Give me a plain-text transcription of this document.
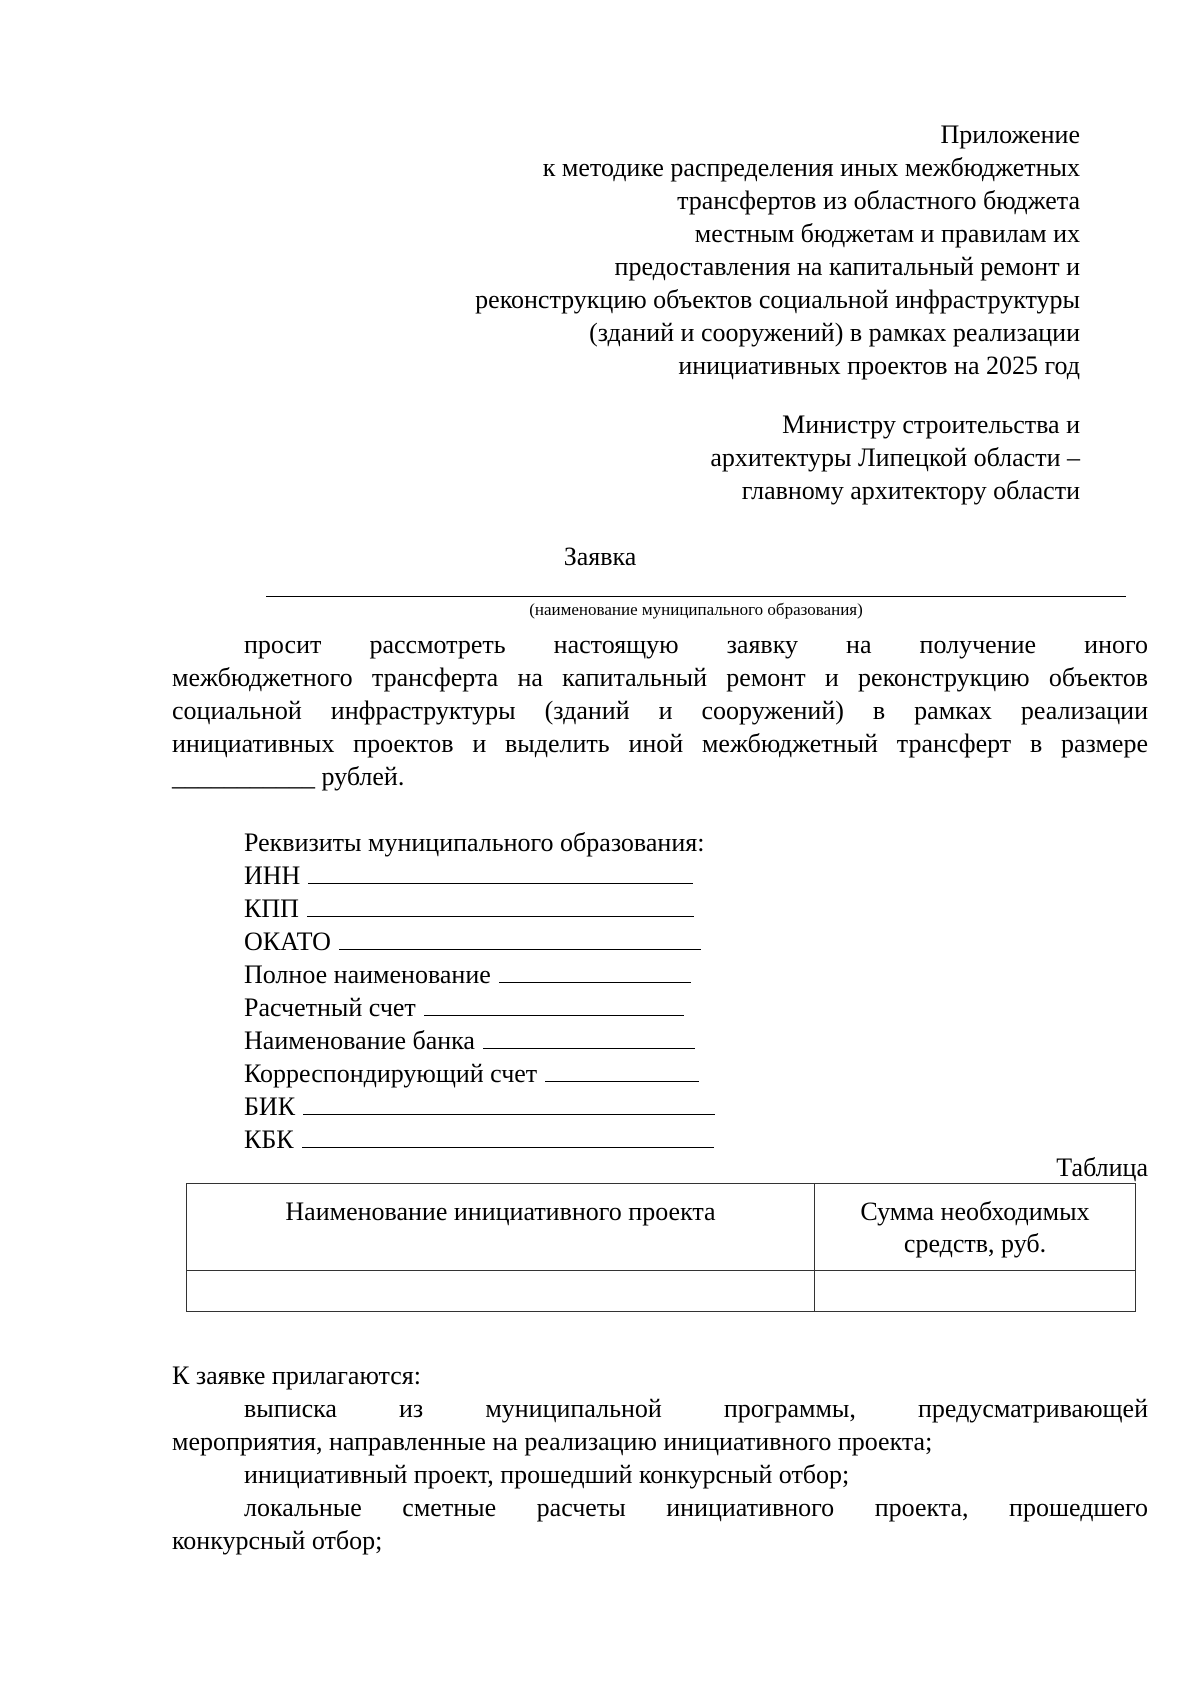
Приложение
к методике распределения иных межбюджетных
трансфертов из областного бюджета
местным бюджетам и правилам их
предоставления на капитальный ремонт и
реконструкцию объектов социальной инфраструктуры
(зданий и сооружений) в рамках реализации
инициативных проектов на 2025 год
Министру строительства и
архитектуры Липецкой области –
главному архитектору области
Заявка
(наименование муниципального образования)
просит рассмотреть настоящую заявку на получение иного
межбюджетного трансферта на капитальный ремонт и реконструкцию объектов
социальной инфраструктуры (зданий и сооружений) в рамках реализации
инициативных проектов и выделить иной межбюджетный трансферт в размере
___________ рублей.
Реквизиты муниципального образования:
ИНН
КПП
ОКАТО
Полное наименование
Расчетный счет
Наименование банка
Корреспондирующий счет
БИК
КБК
Таблица
Наименование инициативного проекта	Сумма необходимых средств, руб.

К заявке прилагаются:
выписка из муниципальной программы, предусматривающей
мероприятия, направленные на реализацию инициативного проекта;
инициативный проект, прошедший конкурсный отбор;
локальные сметные расчеты инициативного проекта, прошедшего
конкурсный отбор;
